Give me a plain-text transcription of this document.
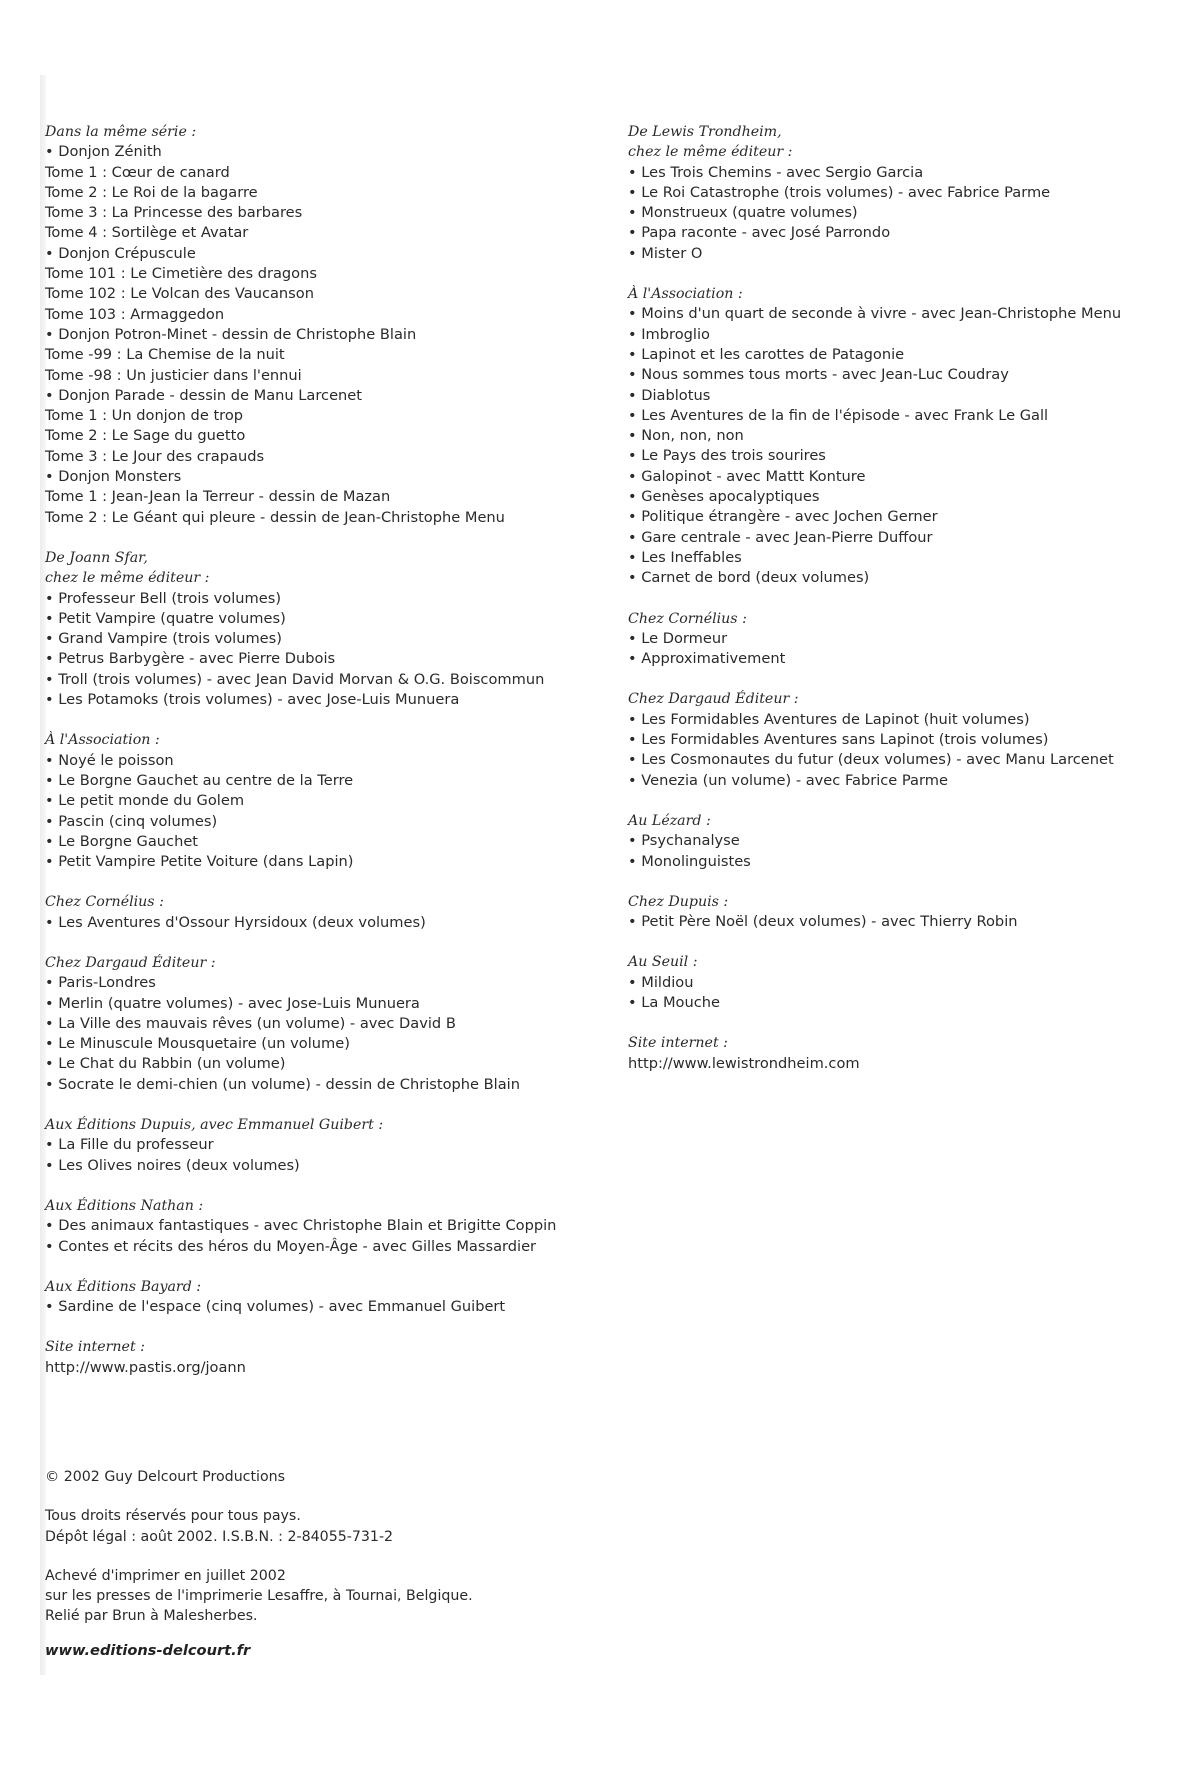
Dans la même série :
• Donjon Zénith
Tome 1 : Cœur de canard
Tome 2 : Le Roi de la bagarre
Tome 3 : La Princesse des barbares
Tome 4 : Sortilège et Avatar
• Donjon Crépuscule
Tome 101 : Le Cimetière des dragons
Tome 102 : Le Volcan des Vaucanson
Tome 103 : Armaggedon
• Donjon Potron-Minet - dessin de Christophe Blain
Tome -99 : La Chemise de la nuit
Tome -98 : Un justicier dans l'ennui
• Donjon Parade - dessin de Manu Larcenet
Tome 1 : Un donjon de trop
Tome 2 : Le Sage du guetto
Tome 3 : Le Jour des crapauds
• Donjon Monsters
Tome 1 : Jean-Jean la Terreur - dessin de Mazan
Tome 2 : Le Géant qui pleure - dessin de Jean-Christophe Menu
De Joann Sfar,
chez le même éditeur :
• Professeur Bell (trois volumes)
• Petit Vampire (quatre volumes)
• Grand Vampire (trois volumes)
• Petrus Barbygère - avec Pierre Dubois
• Troll (trois volumes) - avec Jean David Morvan & O.G. Boiscommun
• Les Potamoks (trois volumes) - avec Jose-Luis Munuera
À l'Association :
• Noyé le poisson
• Le Borgne Gauchet au centre de la Terre
• Le petit monde du Golem
• Pascin (cinq volumes)
• Le Borgne Gauchet
• Petit Vampire Petite Voiture (dans Lapin)
Chez Cornélius :
• Les Aventures d'Ossour Hyrsidoux (deux volumes)
Chez Dargaud Éditeur :
• Paris-Londres
• Merlin (quatre volumes) - avec Jose-Luis Munuera
• La Ville des mauvais rêves (un volume) - avec David B
• Le Minuscule Mousquetaire (un volume)
• Le Chat du Rabbin (un volume)
• Socrate le demi-chien (un volume) - dessin de Christophe Blain
Aux Éditions Dupuis, avec Emmanuel Guibert :
• La Fille du professeur
• Les Olives noires (deux volumes)
Aux Éditions Nathan :
• Des animaux fantastiques - avec Christophe Blain et Brigitte Coppin
• Contes et récits des héros du Moyen-Âge - avec Gilles Massardier
Aux Éditions Bayard :
• Sardine de l'espace (cinq volumes) - avec Emmanuel Guibert
Site internet :
http://www.pastis.org/joann
De Lewis Trondheim,
chez le même éditeur :
• Les Trois Chemins - avec Sergio Garcia
• Le Roi Catastrophe (trois volumes) - avec Fabrice Parme
• Monstrueux (quatre volumes)
• Papa raconte - avec José Parrondo
• Mister O
À l'Association :
• Moins d'un quart de seconde à vivre - avec Jean-Christophe Menu
• Imbroglio
• Lapinot et les carottes de Patagonie
• Nous sommes tous morts - avec Jean-Luc Coudray
• Diablotus
• Les Aventures de la fin de l'épisode - avec Frank Le Gall
• Non, non, non
• Le Pays des trois sourires
• Galopinot - avec Mattt Konture
• Genèses apocalyptiques
• Politique étrangère - avec Jochen Gerner
• Gare centrale - avec Jean-Pierre Duffour
• Les Ineffables
• Carnet de bord (deux volumes)
Chez Cornélius :
• Le Dormeur
• Approximativement
Chez Dargaud Éditeur :
• Les Formidables Aventures de Lapinot (huit volumes)
• Les Formidables Aventures sans Lapinot (trois volumes)
• Les Cosmonautes du futur (deux volumes) - avec Manu Larcenet
• Venezia (un volume) - avec Fabrice Parme
Au Lézard :
• Psychanalyse
• Monolinguistes
Chez Dupuis :
• Petit Père Noël (deux volumes) - avec Thierry Robin
Au Seuil :
• Mildiou
• La Mouche
Site internet :
http://www.lewistrondheim.com
© 2002 Guy Delcourt Productions
Tous droits réservés pour tous pays.
Dépôt légal : août 2002. I.S.B.N. : 2-84055-731-2
Achevé d'imprimer en juillet 2002
sur les presses de l'imprimerie Lesaffre, à Tournai, Belgique.
Relié par Brun à Malesherbes.
www.editions-delcourt.fr
